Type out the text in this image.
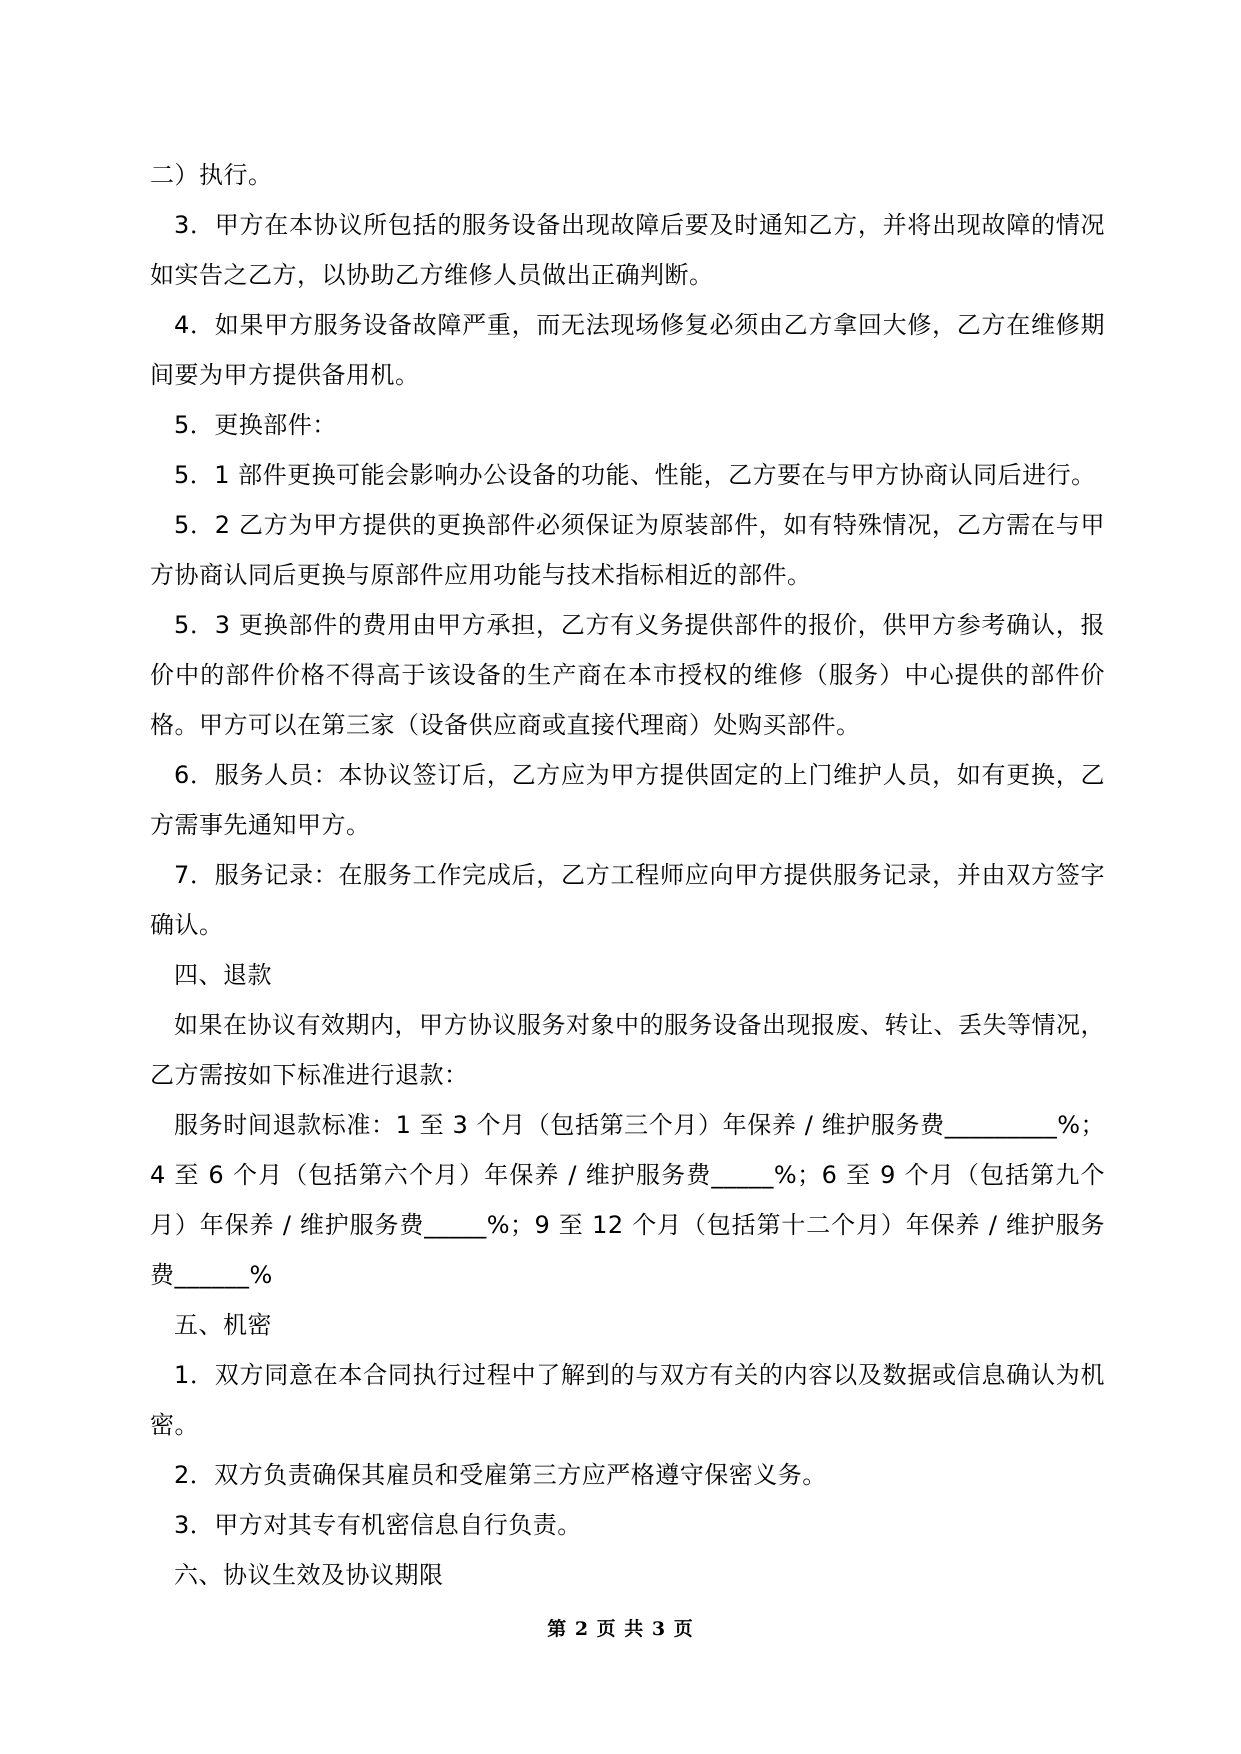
二）执行。

3．甲方在本协议所包括的服务设备出现故障后要及时通知乙方，并将出现故障的情况如实告之乙方，以协助乙方维修人员做出正确判断。

4．如果甲方服务设备故障严重，而无法现场修复必须由乙方拿回大修，乙方在维修期间要为甲方提供备用机。

5．更换部件：

5．1 部件更换可能会影响办公设备的功能、性能，乙方要在与甲方协商认同后进行。

5．2 乙方为甲方提供的更换部件必须保证为原装部件，如有特殊情况，乙方需在与甲方协商认同后更换与原部件应用功能与技术指标相近的部件。

5．3 更换部件的费用由甲方承担，乙方有义务提供部件的报价，供甲方参考确认，报价中的部件价格不得高于该设备的生产商在本市授权的维修（服务）中心提供的部件价格。甲方可以在第三家（设备供应商或直接代理商）处购买部件。

6．服务人员：本协议签订后，乙方应为甲方提供固定的上门维护人员，如有更换，乙方需事先通知甲方。

7．服务记录：在服务工作完成后，乙方工程师应向甲方提供服务记录，并由双方签字确认。

四、退款

如果在协议有效期内，甲方协议服务对象中的服务设备出现报废、转让、丢失等情况，乙方需按如下标准进行退款：

服务时间退款标准：1 至 3 个月（包括第三个月）年保养 / 维护服务费_________%；4 至 6 个月（包括第六个月）年保养 / 维护服务费_____%；6 至 9 个月（包括第九个月）年保养 / 维护服务费_____%；9 至 12 个月（包括第十二个月）年保养 / 维护服务费______%

五、机密

1．双方同意在本合同执行过程中了解到的与双方有关的内容以及数据或信息确认为机密。

2．双方负责确保其雇员和受雇第三方应严格遵守保密义务。

3．甲方对其专有机密信息自行负责。

六、协议生效及协议期限

第 2 页 共 3 页
